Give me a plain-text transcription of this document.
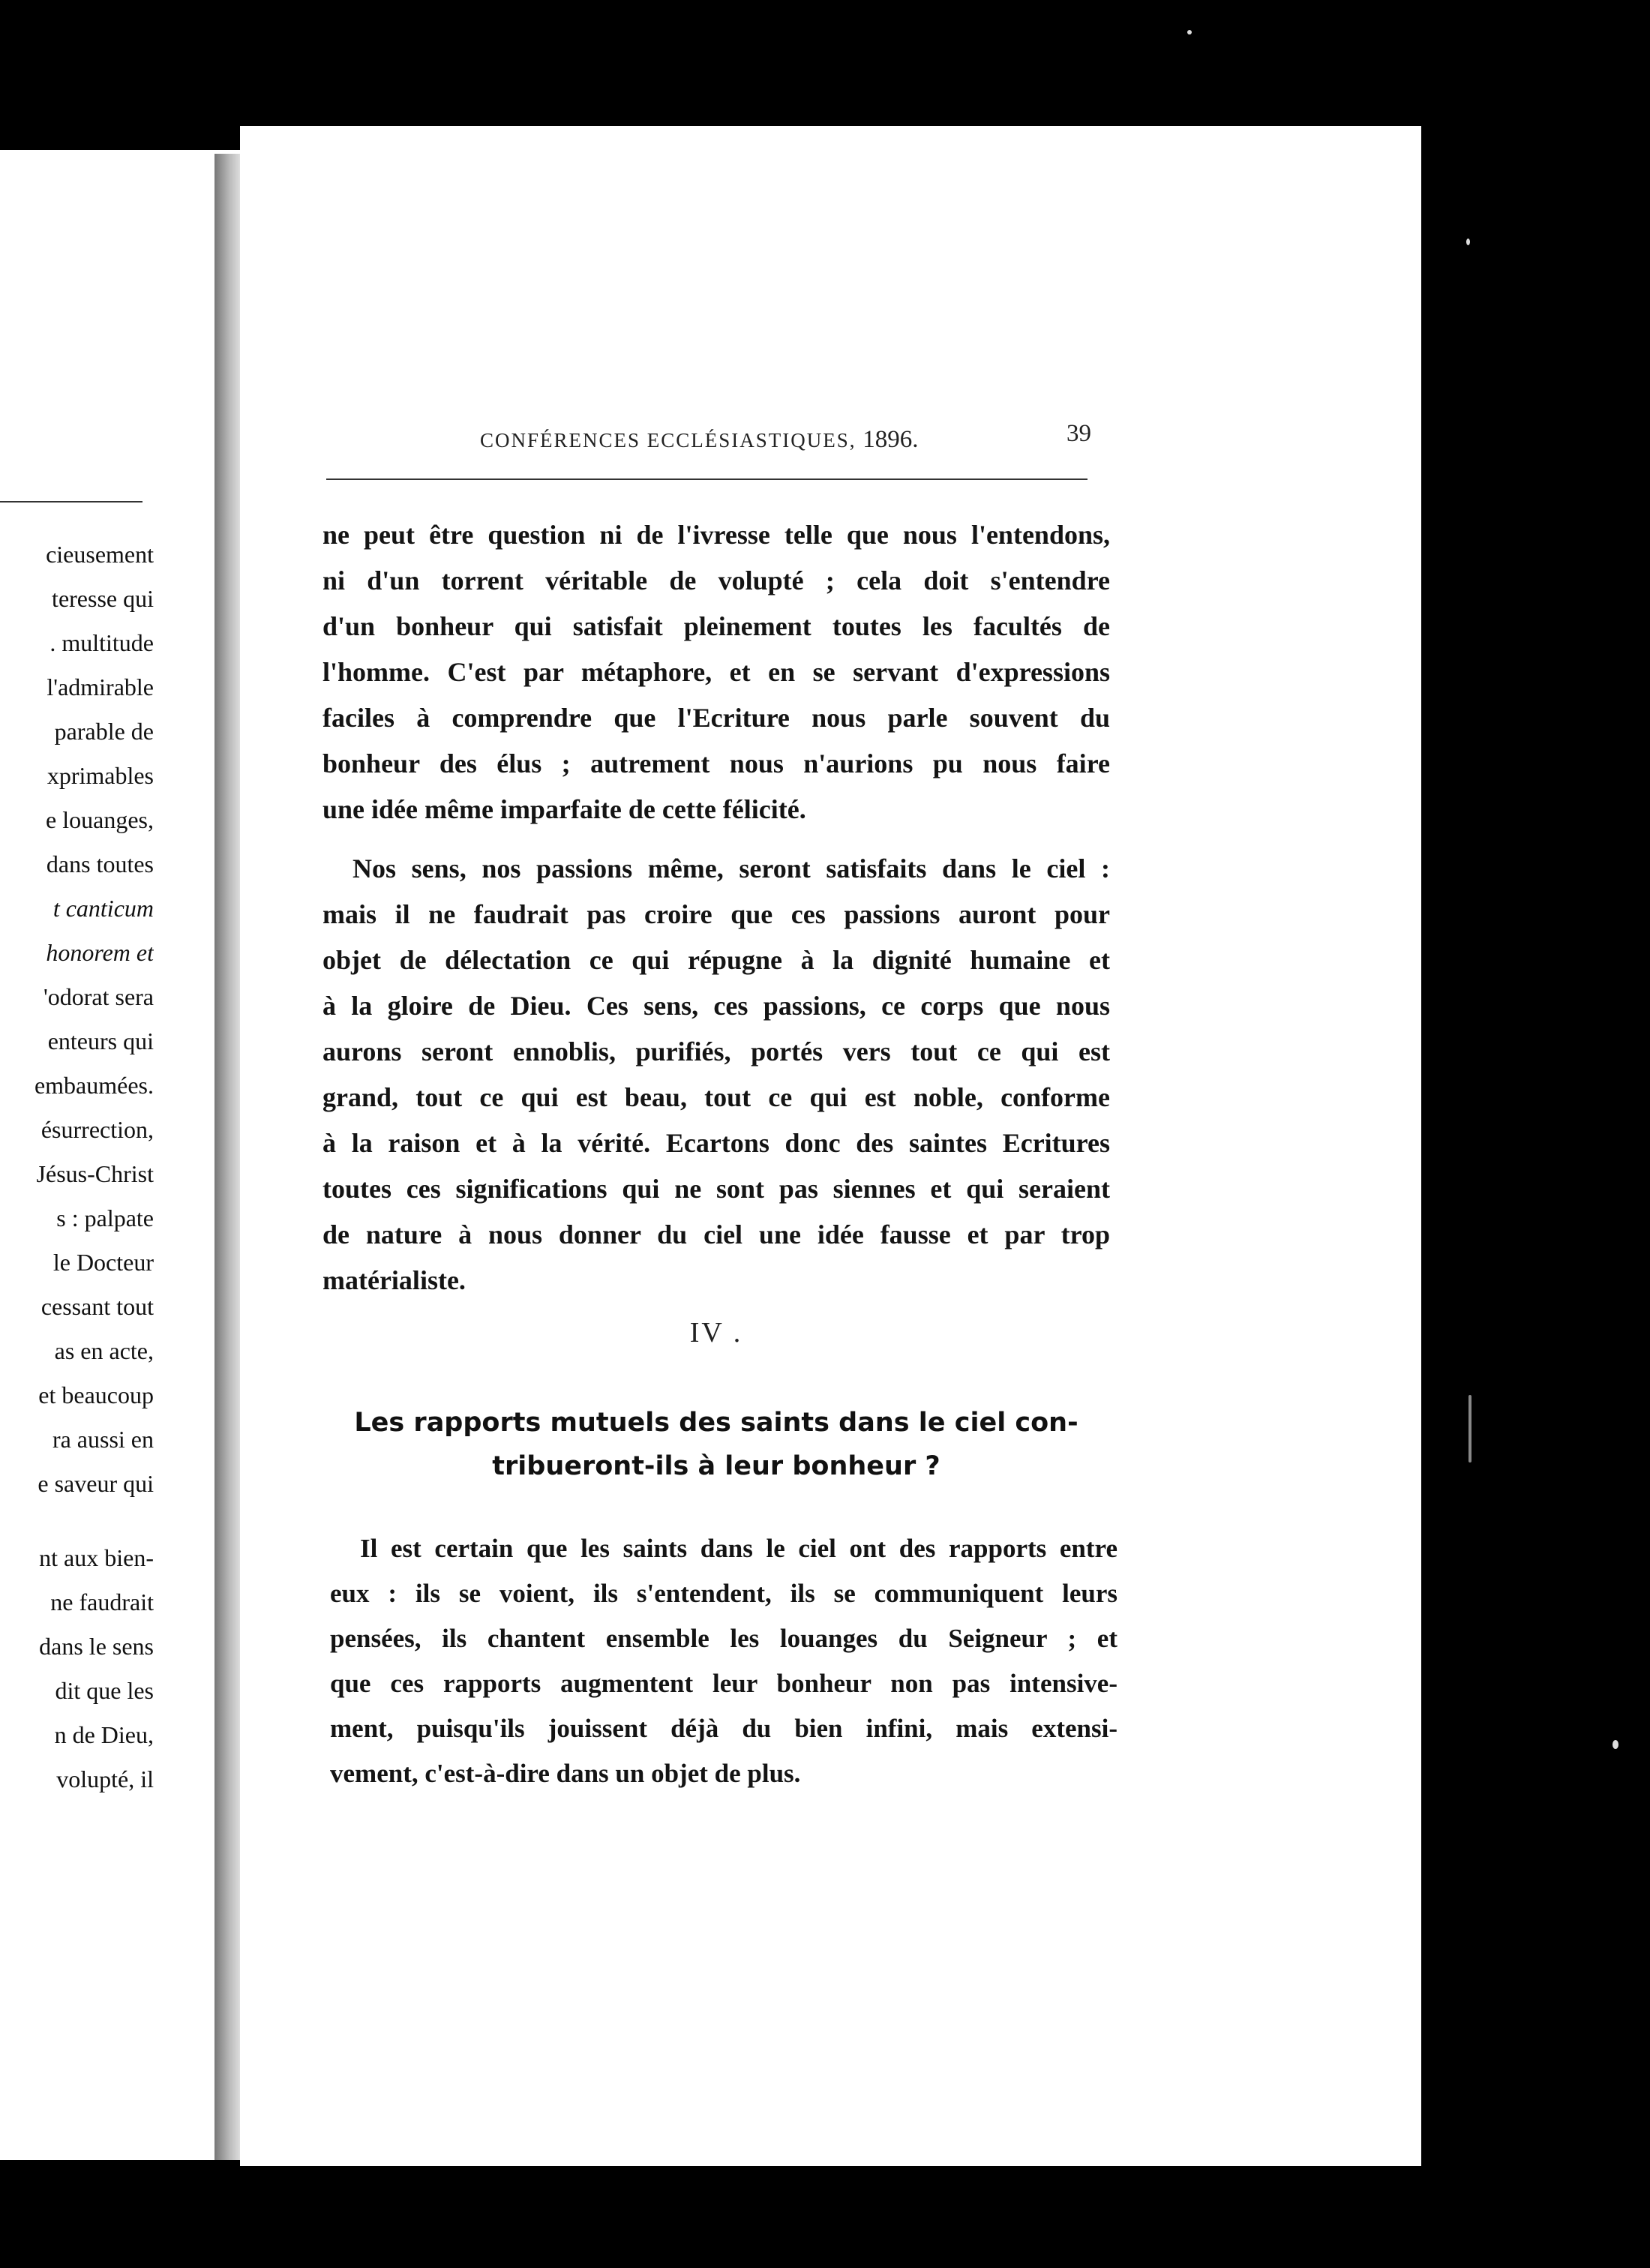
cieusement
teresse qui
. multitude
l'admirable
parable de
xprimables
e louanges,
dans toutes
t canticum
honorem et
'odorat sera
enteurs qui
embaumées.
ésurrection,
Jésus-Christ
s : palpate
le Docteur
cessant tout
as en acte,
et beaucoup
ra aussi en
e saveur qui
nt aux bien-
ne faudrait
dans le sens
dit que les
n de Dieu,
volupté, il
CONFÉRENCES ECCLÉSIASTIQUES, 1896.	39
ne peut être question ni de l'ivresse telle que nous l'entendons,
ni d'un torrent véritable de volupté ; cela doit s'entendre
d'un bonheur qui satisfait pleinement toutes les facultés de
l'homme. C'est par métaphore, et en se servant d'expressions
faciles à comprendre que l'Ecriture nous parle souvent du
bonheur des élus ; autrement nous n'aurions pu nous faire
une idée même imparfaite de cette félicité.
Nos sens, nos passions même, seront satisfaits dans le ciel :
mais il ne faudrait pas croire que ces passions auront pour
objet de délectation ce qui répugne à la dignité humaine et
à la gloire de Dieu. Ces sens, ces passions, ce corps que nous
aurons seront ennoblis, purifiés, portés vers tout ce qui est
grand, tout ce qui est beau, tout ce qui est noble, conforme
à la raison et à la vérité. Ecartons donc des saintes Ecritures
toutes ces significations qui ne sont pas siennes et qui seraient
de nature à nous donner du ciel une idée fausse et par trop
matérialiste.
IV .
Les rapports mutuels des saints dans le ciel con-
tribueront-ils à leur bonheur ?
Il est certain que les saints dans le ciel ont des rapports entre
eux : ils se voient, ils s'entendent, ils se communiquent leurs
pensées, ils chantent ensemble les louanges du Seigneur ; et
que ces rapports augmentent leur bonheur non pas intensive-
ment, puisqu'ils jouissent déjà du bien infini, mais extensi-
vement, c'est-à-dire dans un objet de plus.
